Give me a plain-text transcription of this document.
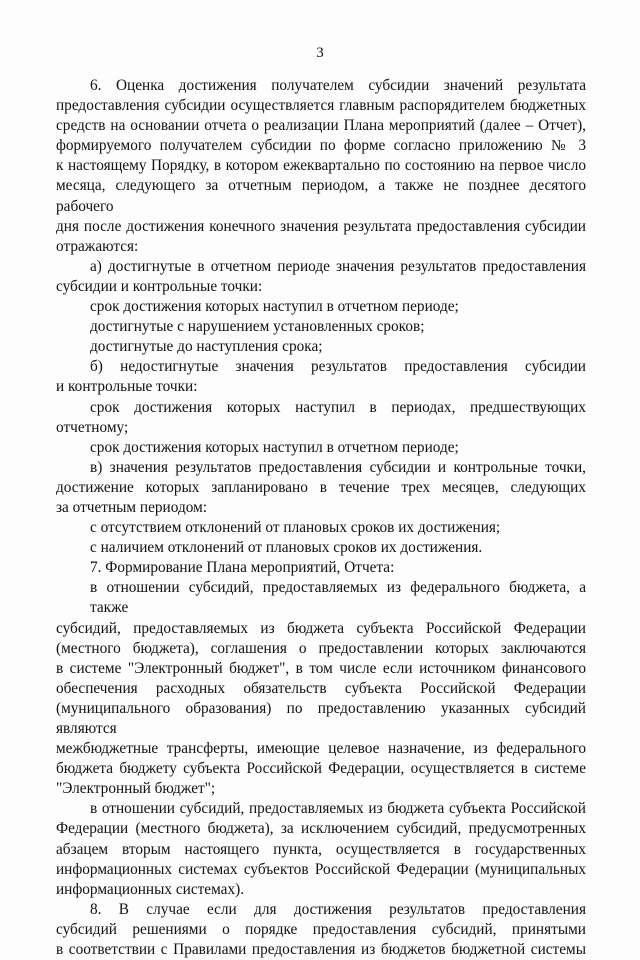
3

6. Оценка достижения получателем субсидии значений результата

предоставления субсидии осуществляется главным распорядителем бюджетных

средств на основании отчета о реализации Плана мероприятий (далее – Отчет),

формируемого получателем субсидии по форме согласно приложению № 3

к настоящему Порядку, в котором ежеквартально по состоянию на первое число

месяца, следующего за отчетным периодом, а также не позднее десятого рабочего

дня после достижения конечного значения результата предоставления субсидии

отражаются:

а) достигнутые в отчетном периоде значения результатов предоставления

субсидии и контрольные точки:

срок достижения которых наступил в отчетном периоде;

достигнутые с нарушением установленных сроков;

достигнутые до наступления срока;

б) недостигнутые значения результатов предоставления субсидии

и контрольные точки:

срок достижения которых наступил в периодах, предшествующих

отчетному;

срок достижения которых наступил в отчетном периоде;

в) значения результатов предоставления субсидии и контрольные точки,

достижение которых запланировано в течение трех месяцев, следующих

за отчетным периодом:

с отсутствием отклонений от плановых сроков их достижения;

с наличием отклонений от плановых сроков их достижения.

7. Формирование Плана мероприятий, Отчета:

в отношении субсидий, предоставляемых из федерального бюджета, а также

субсидий, предоставляемых из бюджета субъекта Российской Федерации

(местного бюджета), соглашения о предоставлении которых заключаются

в системе "Электронный бюджет", в том числе если источником финансового

обеспечения расходных обязательств субъекта Российской Федерации

(муниципального образования) по предоставлению указанных субсидий являются

межбюджетные трансферты, имеющие целевое назначение, из федерального

бюджета бюджету субъекта Российской Федерации, осуществляется в системе

"Электронный бюджет";

в отношении субсидий, предоставляемых из бюджета субъекта Российской

Федерации (местного бюджета), за исключением субсидий, предусмотренных

абзацем вторым настоящего пункта, осуществляется в государственных

информационных системах субъектов Российской Федерации (муниципальных

информационных системах).

8. В случае если для достижения результатов предоставления

субсидий решениями о порядке предоставления субсидий, принятыми

в соответствии с Правилами предоставления из бюджетов бюджетной системы
